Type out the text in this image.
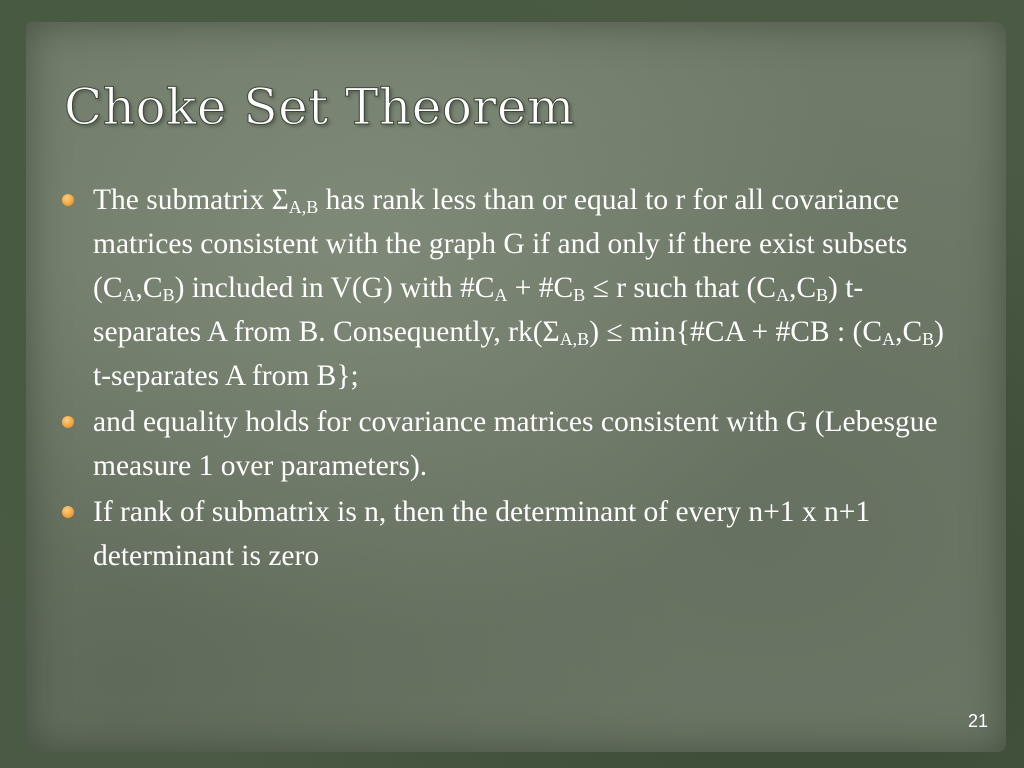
Choke Set Theorem
The submatrix $\Sigma_{A,B}$ has rank less than or equal to r for all covariance matrices consistent with the graph G if and only if there exist subsets $(C_A,C_B)$ included in V(G) with $\#C_A$ + $\#C_B \le r$ such that $(C_A,C_B)$ t-separates A from B. Consequently, $rk(\Sigma_{A,B})$ ≤ min{#CA + #CB : $(C_A,C_B)$ t-separates A from B};
and equality holds for covariance matrices consistent with G (Lebesgue measure 1 over parameters).
If rank of submatrix is n, then the determinant of every n+1 x n+1 determinant is zero
21
